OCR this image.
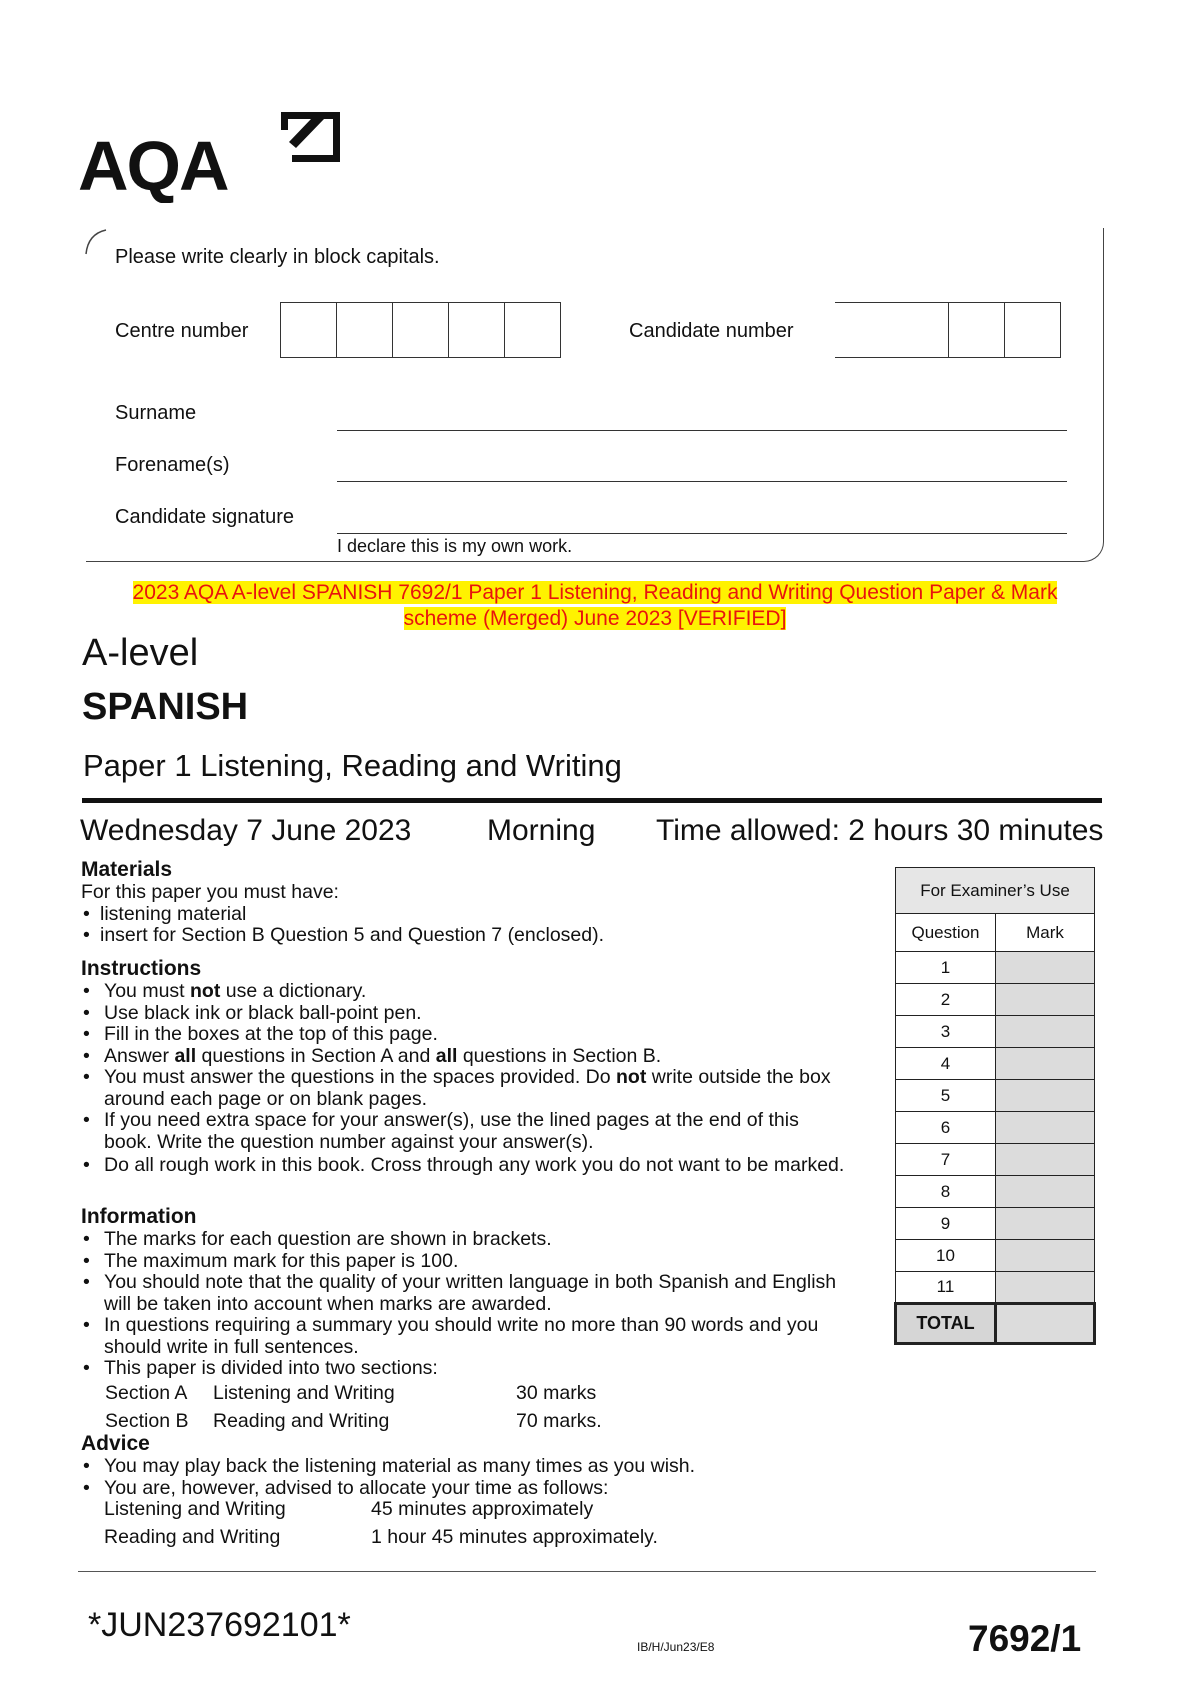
AQA
Please write clearly in block capitals.
Centre number	Candidate number
Surname
Forename(s)
Candidate signature
I declare this is my own work.
2023 AQA A-level SPANISH 7692/1 Paper 1 Listening, Reading and Writing Question Paper & Mark
scheme (Merged) June 2023 [VERIFIED]
A-level
SPANISH
Paper 1 Listening, Reading and Writing
Wednesday 7 June 2023	Morning Time allowed: 2 hours 30 minutes
Materials
For this paper you must have:
• listening material
• insert for Section B Question 5 and Question 7 (enclosed).
Instructions
• You must not use a dictionary.
• Use black ink or black ball-point pen.
• Fill in the boxes at the top of this page.
• Answer all questions in Section A and all questions in Section B.
• You must answer the questions in the spaces provided. Do not write outside the box around each page or on blank pages.
• If you need extra space for your answer(s), use the lined pages at the end of this book. Write the question number against your answer(s).
• Do all rough work in this book. Cross through any work you do not want to be marked.
Information
• The marks for each question are shown in brackets.
• The maximum mark for this paper is 100.
• You should note that the quality of your written language in both Spanish and English will be taken into account when marks are awarded.
• In questions requiring a summary you should write no more than 90 words and you should write in full sentences.
• This paper is divided into two sections:
Section A Listening and Writing	30 marks
Section B Reading and Writing	70 marks.
Advice
• You may play back the listening material as many times as you wish.
• You are, however, advised to allocate your time as follows:
Listening and Writing	45 minutes approximately
Reading and Writing	1 hour 45 minutes approximately.
For Examiner’s Use	
Question	Mark
1	
2	
3	
4	
5	
6	
7	
8	
9	
10	
11	
TOTAL	
*JUN237692101*
IB/H/Jun23/E8	7692/1
